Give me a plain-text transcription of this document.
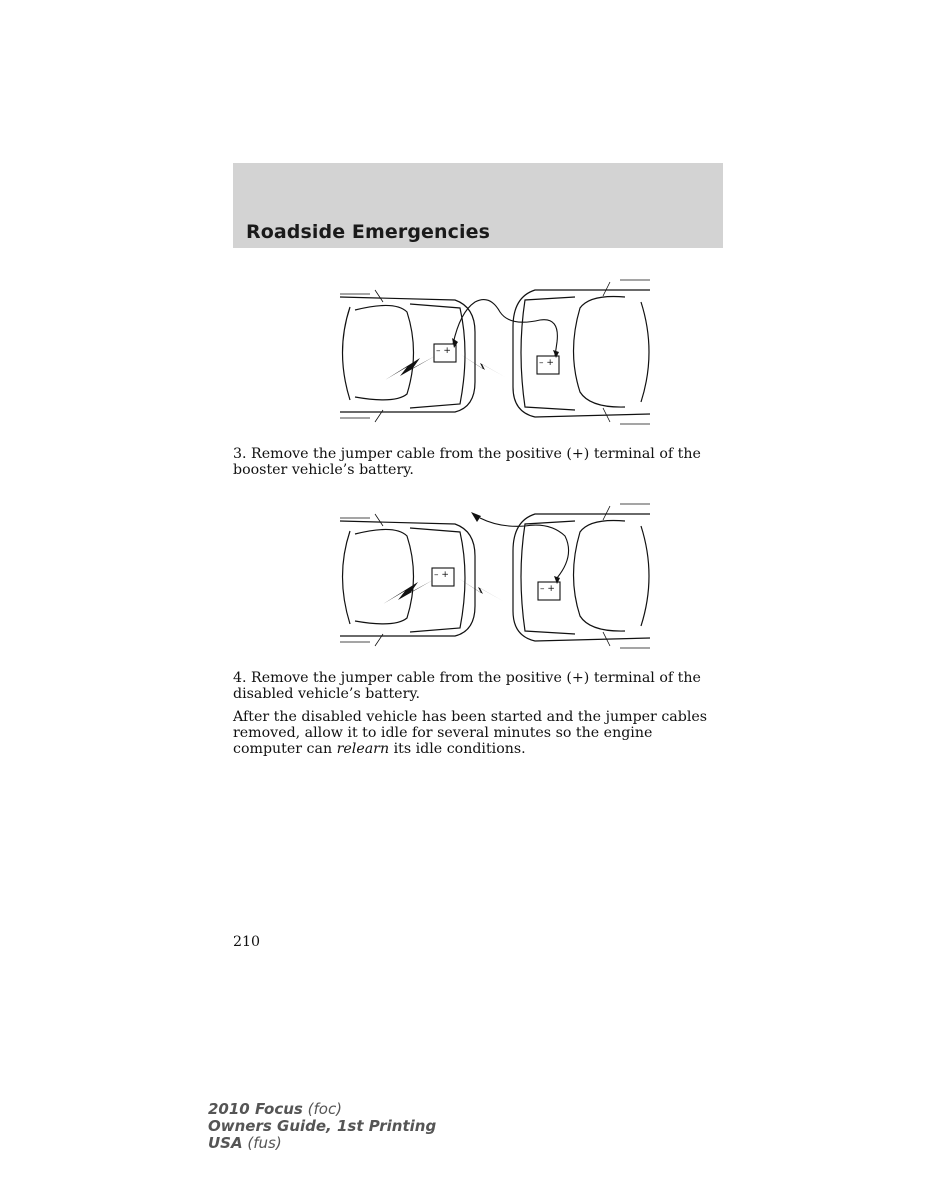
Roadside Emergencies
– +
– +
3. Remove the jumper cable from the positive (+) terminal of the booster vehicle’s battery.
– +
– +
4. Remove the jumper cable from the positive (+) terminal of the disabled vehicle’s battery.
After the disabled vehicle has been started and the jumper cables removed, allow it to idle for several minutes so the engine computer can relearn its idle conditions.
210
2010 Focus (foc)
Owners Guide, 1st Printing
USA (fus)
